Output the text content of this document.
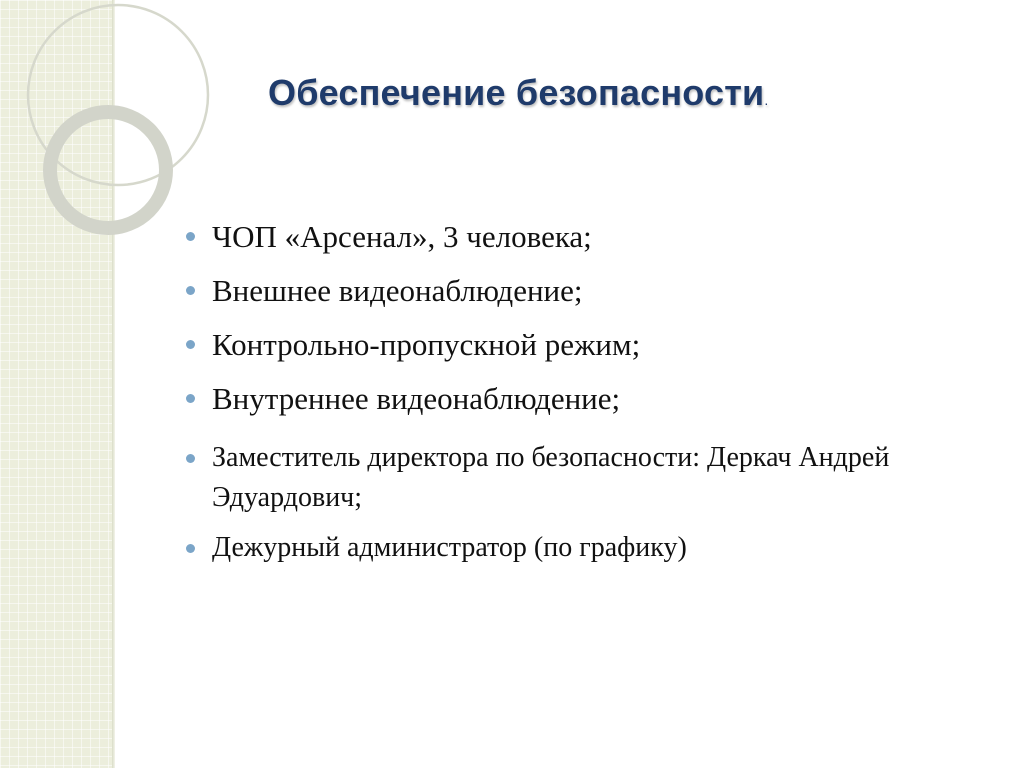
Обеспечение безопасности.
ЧОП «Арсенал», 3 человека;
Внешнее видеонаблюдение;
Контрольно-пропускной режим;
Внутреннее видеонаблюдение;
Заместитель директора по безопасности: Деркач Андрей Эдуардович;
Дежурный администратор (по графику)
